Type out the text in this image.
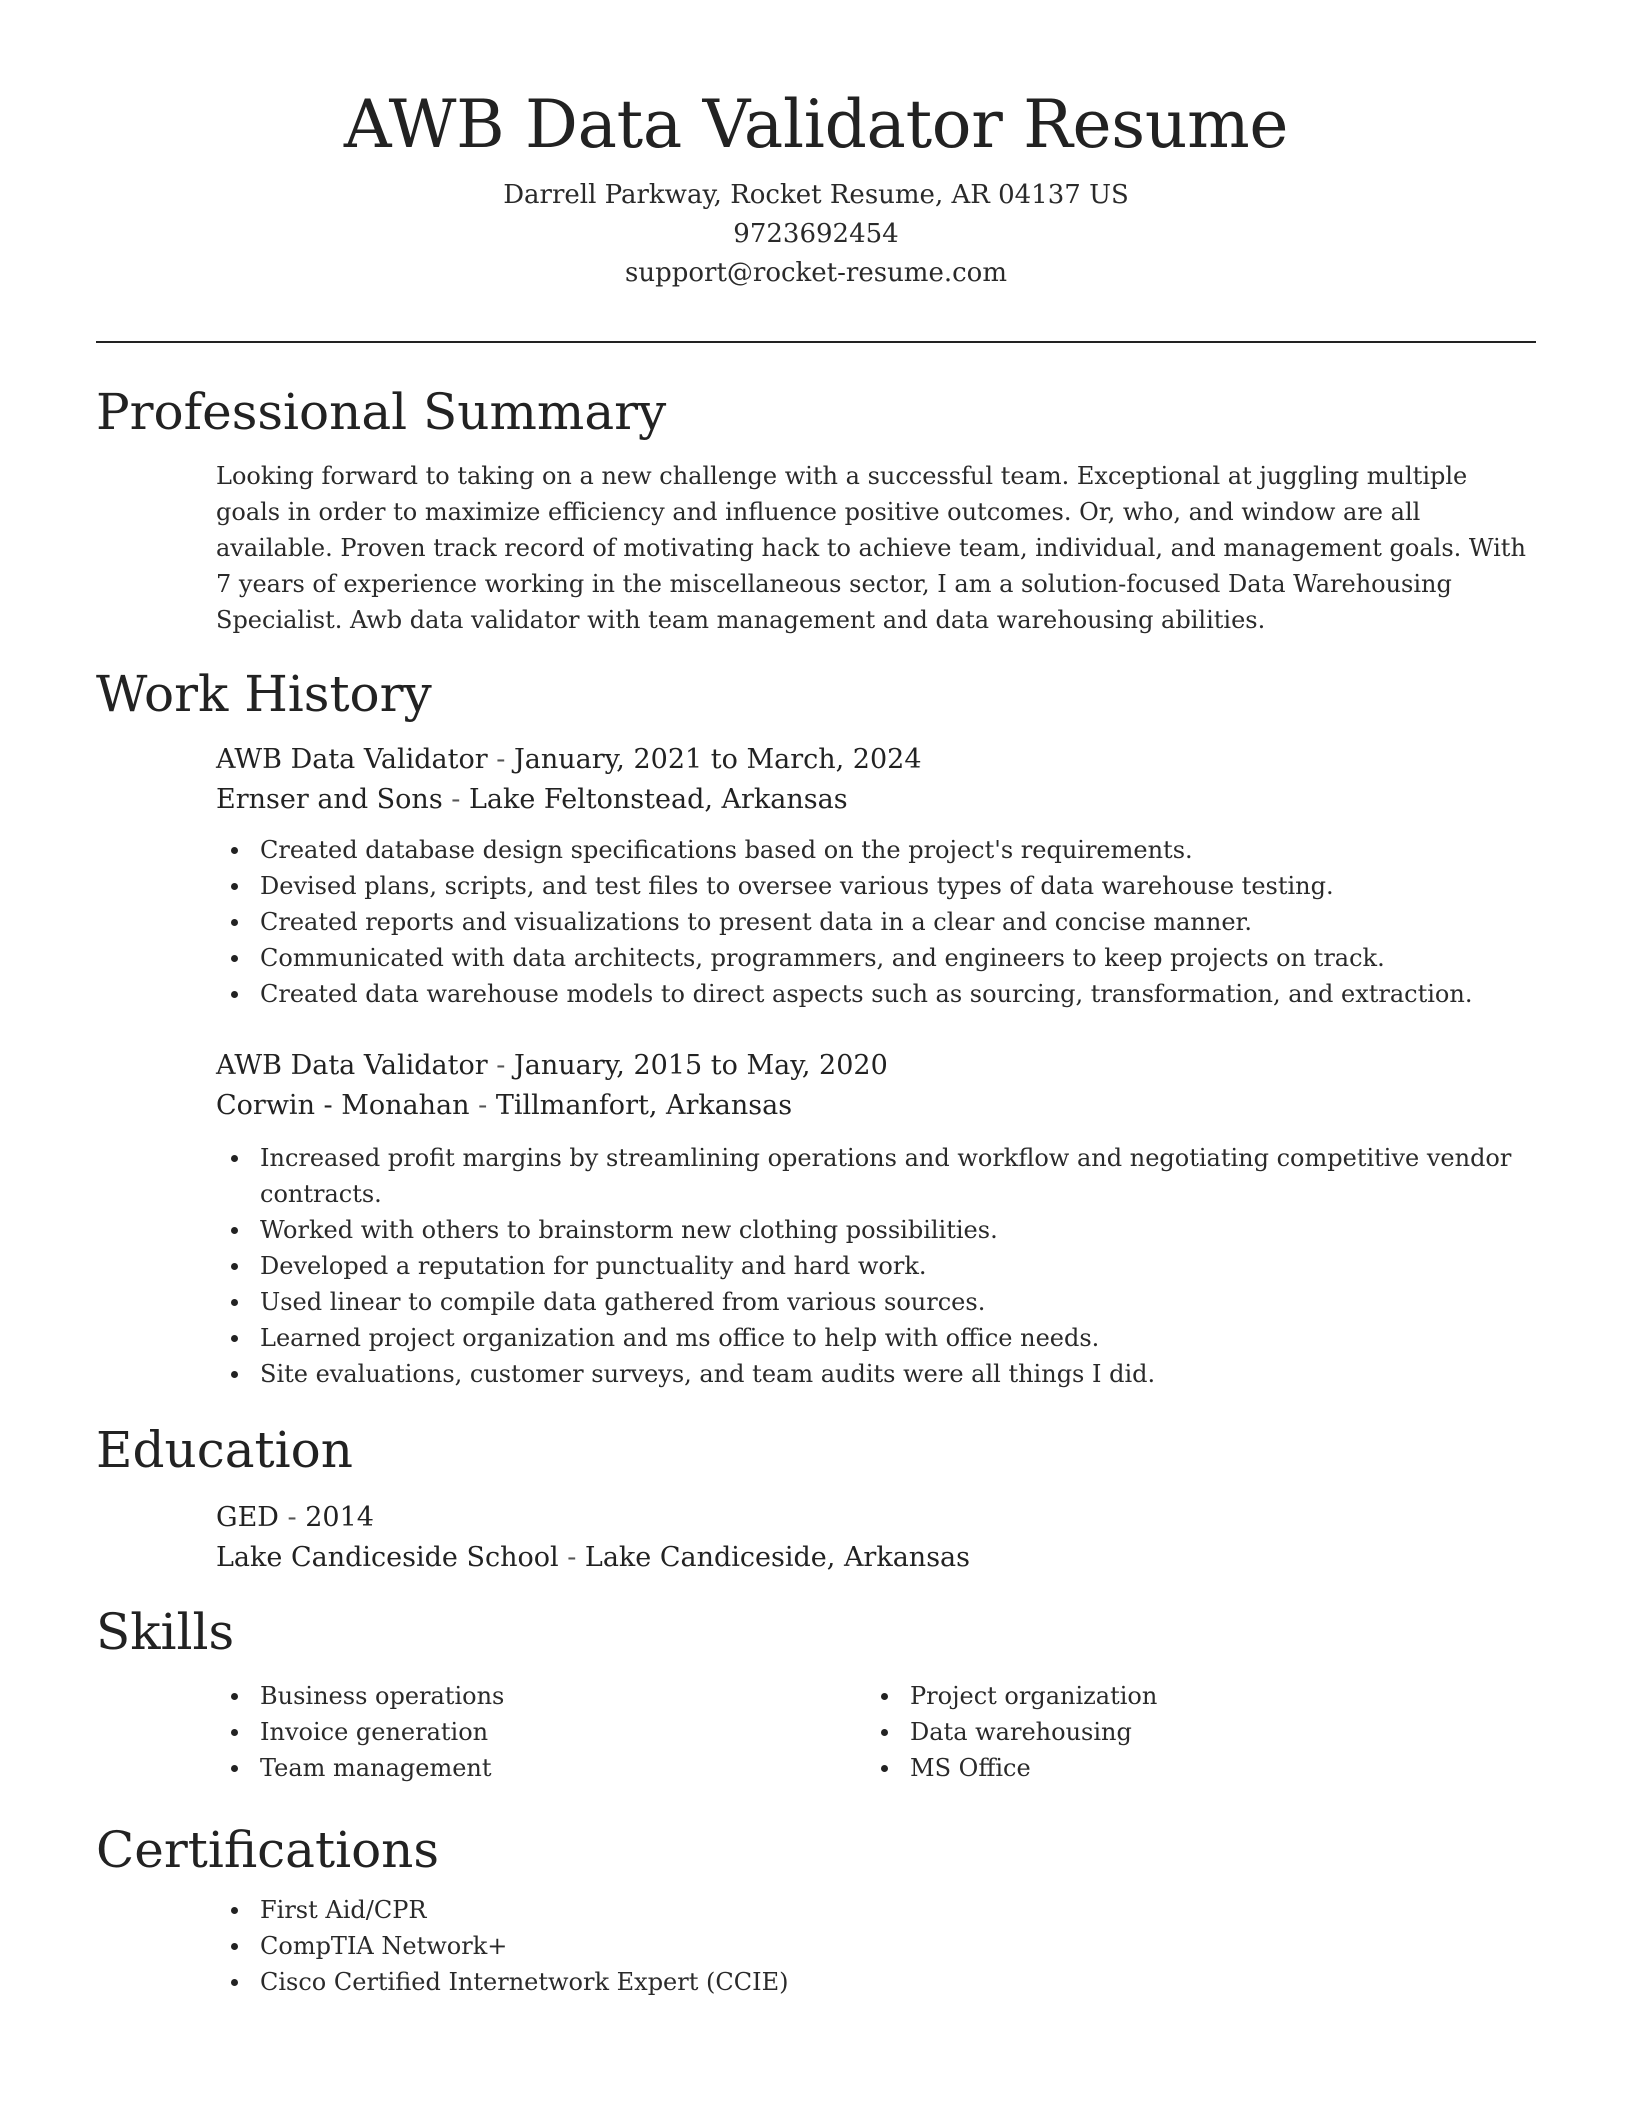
AWB Data Validator Resume
Darrell Parkway, Rocket Resume, AR 04137 US
9723692454
support@rocket-resume.com
Professional Summary

Looking forward to taking on a new challenge with a successful team. Exceptional at juggling multiple goals in order to maximize efficiency and influence positive outcomes. Or, who, and window are all available. Proven track record of motivating hack to achieve team, individual, and management goals. With 7 years of experience working in the miscellaneous sector, I am a solution-focused Data Warehousing Specialist. Awb data validator with team management and data warehousing abilities.

Work History
AWB Data Validator - January, 2021 to March, 2024
Ernser and Sons - Lake Feltonstead, Arkansas
Created database design specifications based on the project's requirements.
Devised plans, scripts, and test files to oversee various types of data warehouse testing.
Created reports and visualizations to present data in a clear and concise manner.
Communicated with data architects, programmers, and engineers to keep projects on track.
Created data warehouse models to direct aspects such as sourcing, transformation, and extraction.
AWB Data Validator - January, 2015 to May, 2020
Corwin - Monahan - Tillmanfort, Arkansas
Increased profit margins by streamlining operations and workflow and negotiating competitive vendor contracts.
Worked with others to brainstorm new clothing possibilities.
Developed a reputation for punctuality and hard work.
Used linear to compile data gathered from various sources.
Learned project organization and ms office to help with office needs.
Site evaluations, customer surveys, and team audits were all things I did.
Education
GED - 2014
Lake Candiceside School - Lake Candiceside, Arkansas
Skills
Business operations
Invoice generation
Team management
Project organization
Data warehousing
MS Office
Certifications
First Aid/CPR
CompTIA Network+
Cisco Certified Internetwork Expert (CCIE)
